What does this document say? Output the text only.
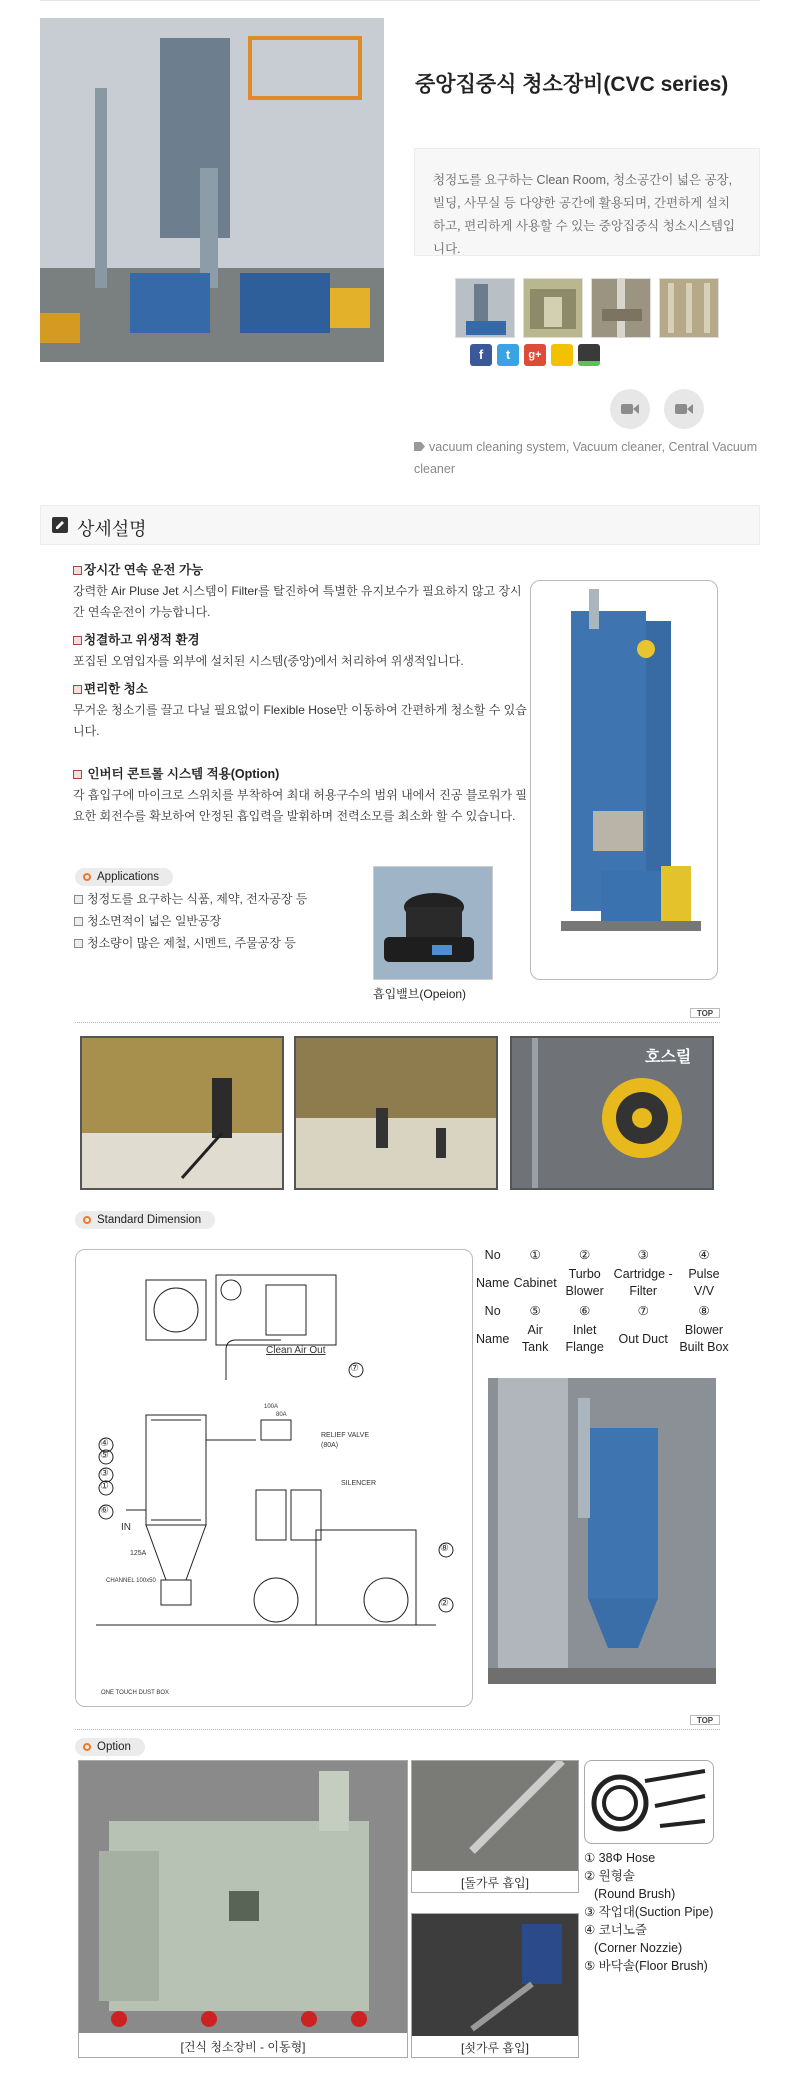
중앙집중식 청소장비(CVC series)
청정도를 요구하는 Clean Room, 청소공간이 넓은 공장, 빌딩, 사무실 등 다양한 공간에 활용되며, 간편하게 설치하고, 편리하게 사용할 수 있는 중앙집중식 청소시스템입니다.
f	t	g+
vacuum cleaning system, Vacuum cleaner, Central Vacuum cleaner
상세설명
장시간 연속 운전 가능
강력한 Air Pluse Jet 시스템이 Filter를 탈진하여 특별한 유지보수가 필요하지 않고 장시간 연속운전이 가능합니다.
청결하고 위생적 환경
포집된 오염입자를 외부에 설치된 시스템(중앙)에서 처리하여 위생적입니다.
편리한 청소
무거운 청소기를 끌고 다닐 필요없이 Flexible Hose만 이동하여 간편하게 청소할 수 있습니다.
인버터 콘트롤 시스템 적용(Option)
각 흡입구에 마이크로 스위치를 부착하여 최대 허용구수의 범위 내에서 진공 블로워가 필요한 회전수를 확보하여 안정된 흡입력을 발휘하며 전력소모를 최소화 할 수 있습니다.
Applications
청정도를 요구하는 식품, 제약, 전자공장 등
청소면적이 넓은 일반공장
청소량이 많은 제철, 시멘트, 주물공장 등
흡입밸브(Opeion)
TOP
호스릴
Standard Dimension
Clean Air Out
RELIEF VALVE
(80A)
SILENCER
IN
125A
100A
80A
CHANNEL 100x50
ONE TOUCH DUST BOX
④
⑤
③
①
⑥
⑦
⑧
②
No	①	②	③	④
Name	Cabinet	Turbo Blower	Cartridge - Filter	Pulse V/V
No	⑤	⑥	⑦	⑧
Name	Air Tank	Inlet Flange	Out Duct	Blower Built Box
TOP
Option
[건식 청소장비 - 이동형]
[돌가루 흡입]
[쇳가루 흡입]
① 38Φ Hose
② 원형솔
(Round Brush)
③ 작업대(Suction Pipe)
④ 코너노즐
(Corner Nozzie)
⑤ 바닥솔(Floor Brush)
